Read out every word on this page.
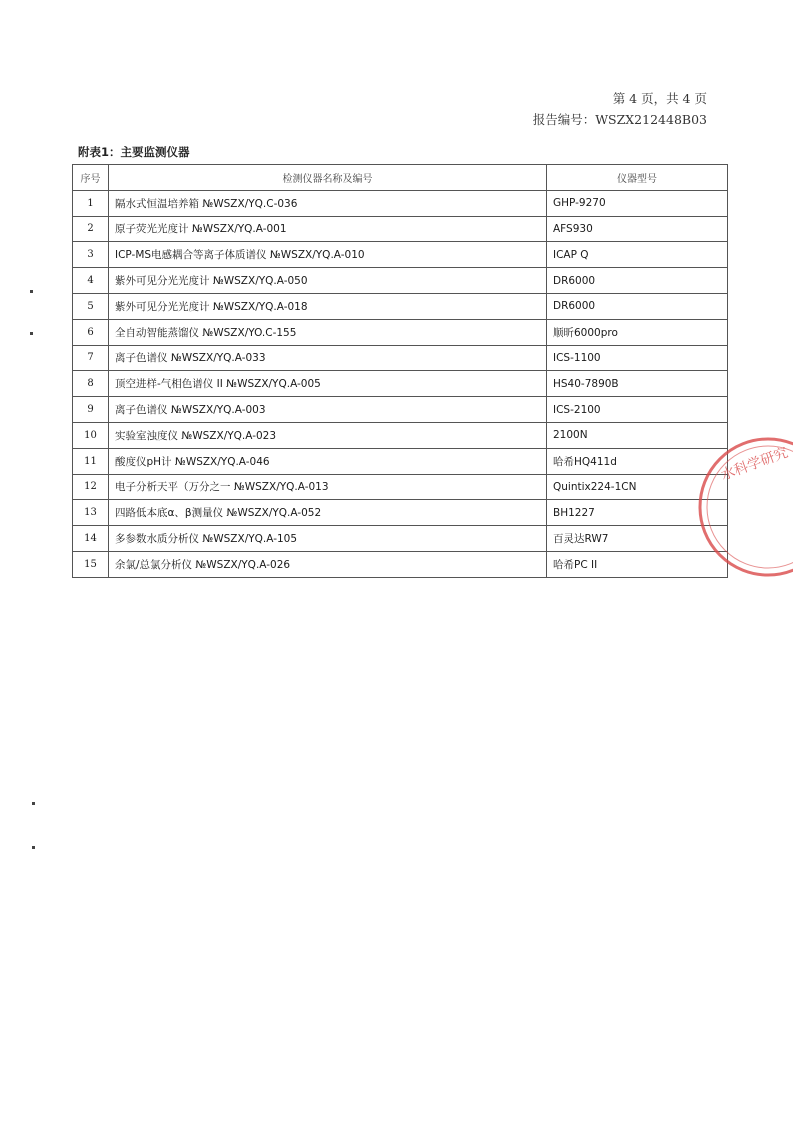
第 4 页，共 4 页
报告编号：WSZX212448B03
附表1：主要监测仪器
序号	检测仪器名称及编号	仪器型号
1	隔水式恒温培养箱 №WSZX/YQ.C-036	GHP-9270
2	原子荧光光度计 №WSZX/YQ.A-001	AFS930
3	ICP-MS电感耦合等离子体质谱仪 №WSZX/YQ.A-010	ICAP Q
4	紫外可见分光光度计 №WSZX/YQ.A-050	DR6000
5	紫外可见分光光度计 №WSZX/YQ.A-018	DR6000
6	全自动智能蒸馏仪 №WSZX/YO.C-155	顺昕6000pro
7	离子色谱仪 №WSZX/YQ.A-033	ICS-1100
8	顶空进样-气相色谱仪 II №WSZX/YQ.A-005	HS40-7890B
9	离子色谱仪 №WSZX/YQ.A-003	ICS-2100
10	实验室浊度仪 №WSZX/YQ.A-023	2100N
11	酸度仪pH计 №WSZX/YQ.A-046	哈希HQ411d
12	电子分析天平（万分之一 №WSZX/YQ.A-013	Quintix224-1CN
13	四路低本底α、β测量仪 №WSZX/YQ.A-052	BH1227
14	多参数水质分析仪 №WSZX/YQ.A-105	百灵达RW7
15	余氯/总氯分析仪 №WSZX/YQ.A-026	哈希PC II
水科学研究
